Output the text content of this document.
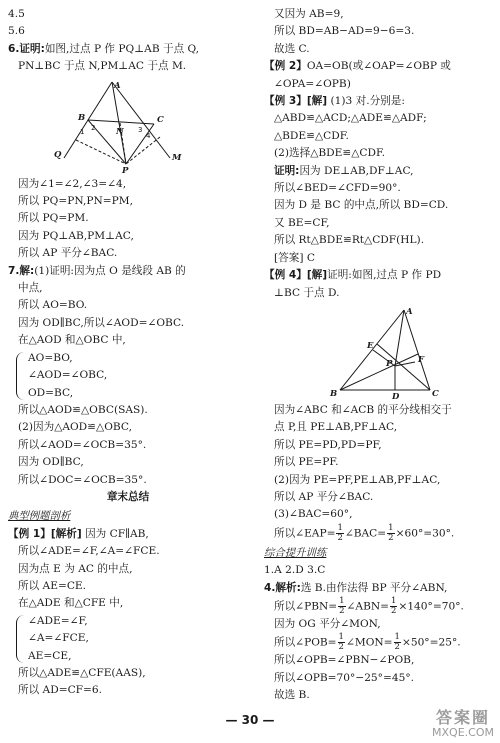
4.5
5.6
6.证明:如图,过点 P 作 PQ⊥AB 于点 Q,
PN⊥BC 于点 N,PM⊥AC 于点 M.
A
B	C
Q
N
M
P
1 2	3
4
因为∠1=∠2,∠3=∠4,
所以 PQ=PN,PN=PM,
所以 PQ=PM.
因为 PQ⊥AB,PM⊥AC,
所以 AP 平分∠BAC.
7.解:(1)证明:因为点 O 是线段 AB 的
中点,
所以 AO=BO.
因为 OD∥BC,所以∠AOD=∠OBC.
在△AOD 和△OBC 中,
AO=BO,
∠AOD=∠OBC,
OD=BC,
所以△AOD≌△OBC(SAS).
(2)因为△AOD≌△OBC,
所以∠AOD=∠OCB=35°.
因为 OD∥BC,
所以∠DOC=∠OCB=35°.
章末总结
典型例题剖析
【例 1】[解析] 因为 CF∥AB,
所以∠ADE=∠F,∠A=∠FCE.
因为点 E 为 AC 的中点,
所以 AE=CE.
在△ADE 和△CFE 中,
∠ADE=∠F,
∠A=∠FCE,
AE=CE,
所以△ADE≌△CFE(AAS),
所以 AD=CF=6.
又因为 AB=9,
所以 BD=AB−AD=9−6=3.
故选 C.
【例 2】OA=OB(或∠OAP=∠OBP 或
∠OPA=∠OPB)
【例 3】[解] (1)3 对.分别是:
△ABD≌△ACD;△ADE≌△ADF;
△BDE≌△CDF.
(2)选择△BDE≌△CDF.
证明:因为 DE⊥AB,DF⊥AC,
所以∠BED=∠CFD=90°.
因为 D 是 BC 的中点,所以 BD=CD.
又 BE=CF,
所以 Rt△BDE≌Rt△CDF(HL).
[答案] C
【例 4】[解]证明:如图,过点 P 作 PD
⊥BC 于点 D.
A
B	C
D
E
F
P
因为∠ABC 和∠ACB 的平分线相交于
点 P,且 PE⊥AB,PF⊥AC,
所以 PE=PD,PD=PF,
所以 PE=PF.
(2)因为 PE=PF,PE⊥AB,PF⊥AC,
所以 AP 平分∠BAC.
(3)∠BAC=60°,
所以∠EAP= $\frac{1}{2}$ ∠BAC= $\frac{1}{2} \times 60^\circ=30^\circ$.
综合提升训练
1.A 2.D 3.C
4.解析:选 B.由作法得 BP 平分∠ABN,
所以∠PBN= $\frac{1}{2}$ ∠ABN= $\frac{1}{2} \times 140^\circ=70^\circ$.
因为 OG 平分∠MON,
所以∠POB= $\frac{1}{2}$ ∠MON= $\frac{1}{2} \times 50^\circ=25^\circ$.
所以∠OPB=∠PBN−∠POB,
所以∠OPB=70°−25°=45°.
故选 B.
— 30 —	答案圈
MXQE.COM
